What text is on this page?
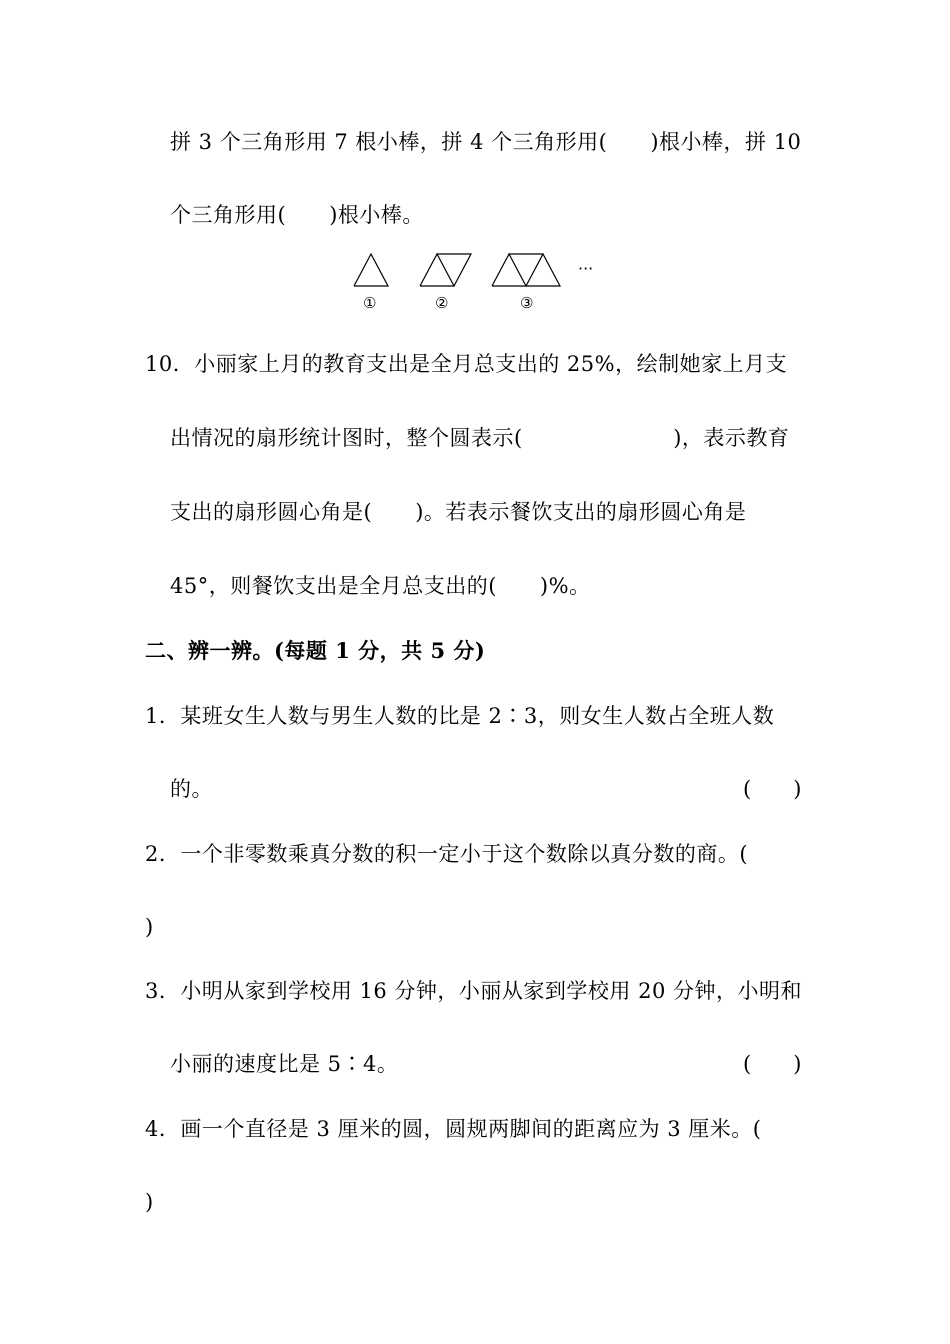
拼 3 个三角形用 7 根小棒，拼 4 个三角形用(　　)根小棒，拼 10
个三角形用(　　)根小棒。
···
①	②	③
10．小丽家上月的教育支出是全月总支出的 25%，绘制她家上月支
出情况的扇形统计图时，整个圆表示(　　　　　　　)，表示教育
支出的扇形圆心角是(　　)。若表示餐饮支出的扇形圆心角是
45°，则餐饮支出是全月总支出的(　　)%。
二、辨一辨。(每题 1 分，共 5 分)
1．某班女生人数与男生人数的比是 2∶3，则女生人数占全班人数
的。	(　　)
2．一个非零数乘真分数的积一定小于这个数除以真分数的商。(
)
3．小明从家到学校用 16 分钟，小丽从家到学校用 20 分钟，小明和
小丽的速度比是 5∶4。	(　　)
4．画一个直径是 3 厘米的圆，圆规两脚间的距离应为 3 厘米。(
)
